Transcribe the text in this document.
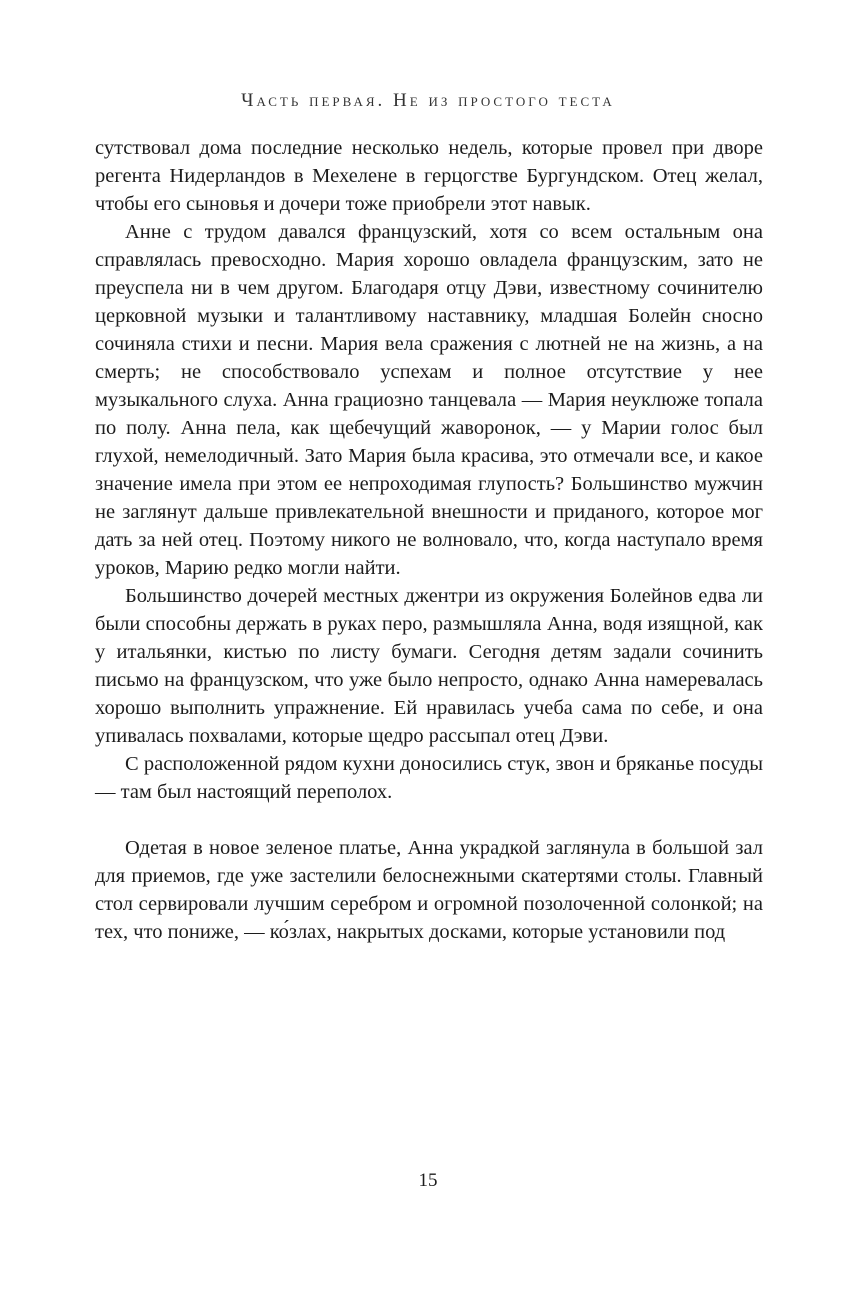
Часть первая. Не из простого теста

сутствовал дома последние несколько недель, которые провел при дворе регента Нидерландов в Мехелене в герцогстве Бургундском. Отец желал, чтобы его сыновья и дочери тоже приобрели этот навык.

Анне с трудом давался французский, хотя со всем остальным она справлялась превосходно. Мария хорошо овладела французским, зато не преуспела ни в чем другом. Благодаря отцу Дэви, известному сочинителю церковной музыки и талантливому наставнику, младшая Болейн сносно сочиняла стихи и песни. Мария вела сражения с лютней не на жизнь, а на смерть; не способствовало успехам и полное отсутствие у нее музыкального слуха. Анна грациозно танцевала — Мария неуклюже топала по полу. Анна пела, как щебечущий жаворонок, — у Марии голос был глухой, немелодичный. Зато Мария была красива, это отмечали все, и какое значение имела при этом ее непроходимая глупость? Большинство мужчин не заглянут дальше привлекательной внешности и приданого, которое мог дать за ней отец. Поэтому никого не волновало, что, когда наступало время уроков, Марию редко могли найти.

Большинство дочерей местных джентри из окружения Болейнов едва ли были способны держать в руках перо, размышляла Анна, водя изящной, как у итальянки, кистью по листу бумаги. Сегодня детям задали сочинить письмо на французском, что уже было непросто, однако Анна намеревалась хорошо выполнить упражнение. Ей нравилась учеба сама по себе, и она упивалась похвалами, которые щедро рассыпал отец Дэви.

С расположенной рядом кухни доносились стук, звон и бряканье посуды — там был настоящий переполох.

Одетая в новое зеленое платье, Анна украдкой заглянула в большой зал для приемов, где уже застелили белоснежными скатертями столы. Главный стол сервировали лучшим серебром и огромной позолоченной солонкой; на тех, что пониже, — ко́злах, накрытых досками, которые установили под

15
